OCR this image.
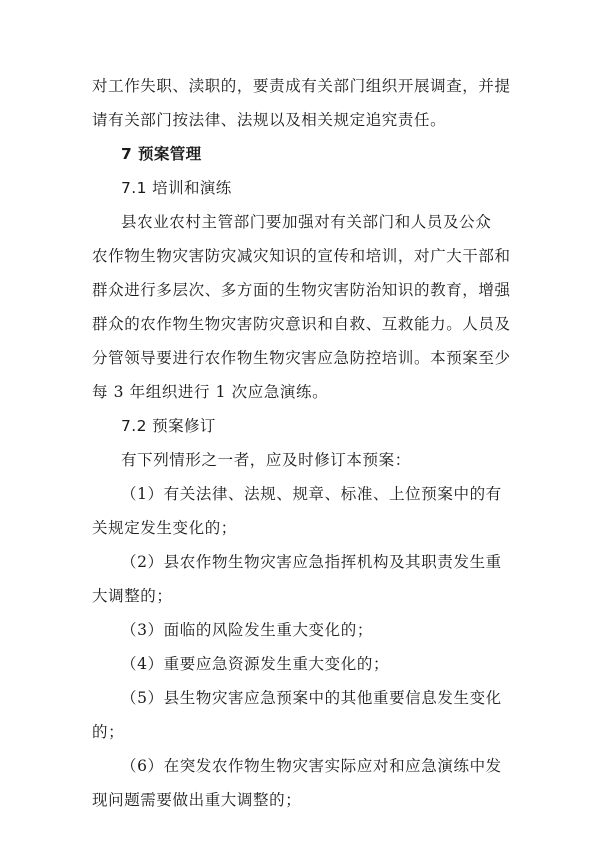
对工作失职、渎职的，要责成有关部门组织开展调查，并提
请有关部门按法律、法规以及相关规定追究责任。
7 预案管理
7.1 培训和演练
县农业农村主管部门要加强对有关部门和人员及公众
农作物生物灾害防灾减灾知识的宣传和培训，对广大干部和
群众进行多层次、多方面的生物灾害防治知识的教育，增强
群众的农作物生物灾害防灾意识和自救、互救能力。人员及
分管领导要进行农作物生物灾害应急防控培训。本预案至少
每 3 年组织进行 1 次应急演练。
7.2 预案修订
有下列情形之一者，应及时修订本预案：
（1）有关法律、法规、规章、标准、上位预案中的有
关规定发生变化的；
（2）县农作物生物灾害应急指挥机构及其职责发生重
大调整的；
（3）面临的风险发生重大变化的；
（4）重要应急资源发生重大变化的；
（5）县生物灾害应急预案中的其他重要信息发生变化
的；
（6）在突发农作物生物灾害实际应对和应急演练中发
现问题需要做出重大调整的；
